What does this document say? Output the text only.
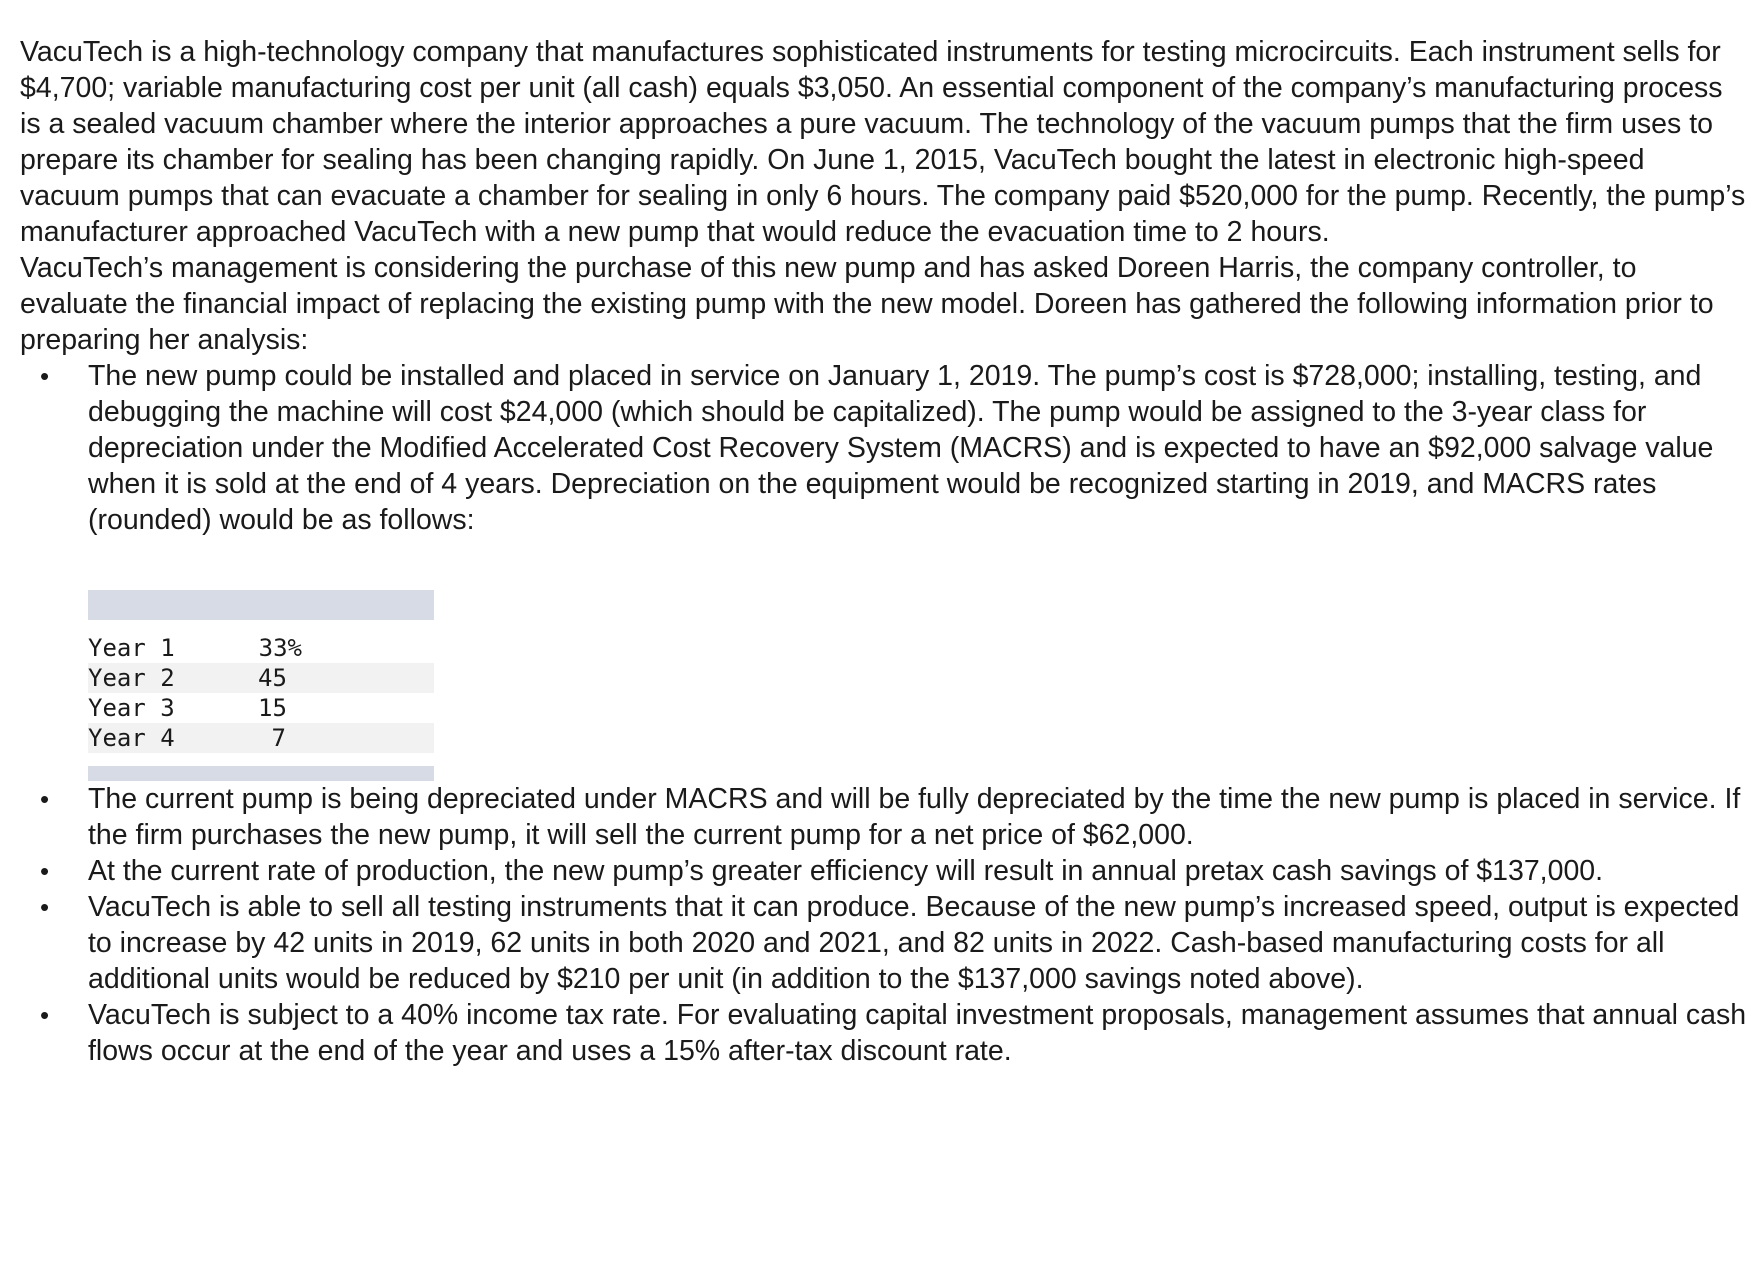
VacuTech is a high-technology company that manufactures sophisticated instruments for testing microcircuits. Each instrument sells for $4,700; variable manufacturing cost per unit (all cash) equals $3,050. An essential component of the company’s manufacturing process is a sealed vacuum chamber where the interior approaches a pure vacuum. The technology of the vacuum pumps that the firm uses to prepare its chamber for sealing has been changing rapidly. On June 1, 2015, VacuTech bought the latest in electronic high-speed vacuum pumps that can evacuate a chamber for sealing in only 6 hours. The company paid $520,000 for the pump. Recently, the pump’s manufacturer approached VacuTech with a new pump that would reduce the evacuation time to 2 hours.

VacuTech’s management is considering the purchase of this new pump and has asked Doreen Harris, the company controller, to evaluate the financial impact of replacing the existing pump with the new model. Doreen has gathered the following information prior to preparing her analysis:

• The new pump could be installed and placed in service on January 1, 2019. The pump’s cost is $728,000; installing, testing, and debugging the machine will cost $24,000 (which should be capitalized). The pump would be assigned to the 3-year class for depreciation under the Modified Accelerated Cost Recovery System (MACRS) and is expected to have an $92,000 salvage value when it is sold at the end of 4 years. Depreciation on the equipment would be recognized starting in 2019, and MACRS rates (rounded) would be as follows:

Year 1	33%
Year 2	45
Year 3	15
Year 4	7

• The current pump is being depreciated under MACRS and will be fully depreciated by the time the new pump is placed in service. If the firm purchases the new pump, it will sell the current pump for a net price of $62,000.
• At the current rate of production, the new pump’s greater efficiency will result in annual pretax cash savings of $137,000.
• VacuTech is able to sell all testing instruments that it can produce. Because of the new pump’s increased speed, output is expected to increase by 42 units in 2019, 62 units in both 2020 and 2021, and 82 units in 2022. Cash-based manufacturing costs for all additional units would be reduced by $210 per unit (in addition to the $137,000 savings noted above).
• VacuTech is subject to a 40% income tax rate. For evaluating capital investment proposals, management assumes that annual cash flows occur at the end of the year and uses a 15% after-tax discount rate.
